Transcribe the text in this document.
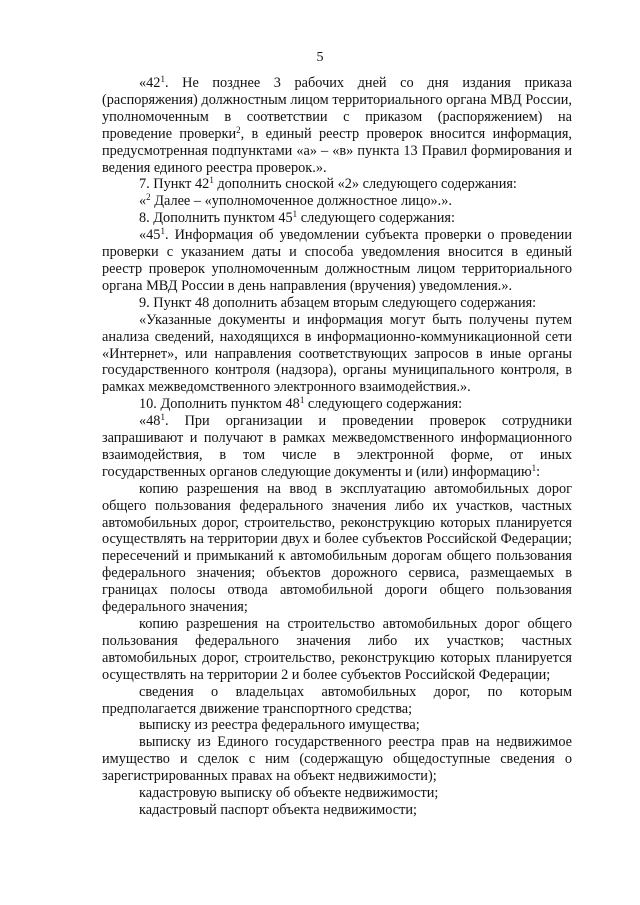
5

«$42^1$. Не позднее 3 рабочих дней со дня издания приказа (распоряжения) должностным лицом территориального органа МВД России, уполномоченным в соответствии с приказом (распоряжением) на проведение проверки$^2$, в единый реестр проверок вносится информация, предусмотренная подпунктами «а» – «в» пункта 13 Правил формирования и ведения единого реестра проверок.».

7. Пункт $42^1$ дополнить сноской «2» следующего содержания:

«$^2$ Далее – «уполномоченное должностное лицо».».

8. Дополнить пунктом $45^1$ следующего содержания:

«$45^1$. Информация об уведомлении субъекта проверки о проведении проверки с указанием даты и способа уведомления вносится в единый реестр проверок уполномоченным должностным лицом территориального органа МВД России в день направления (вручения) уведомления.».

9. Пункт 48 дополнить абзацем вторым следующего содержания:

«Указанные документы и информация могут быть получены путем анализа сведений, находящихся в информационно-коммуникационной сети «Интернет», или направления соответствующих запросов в иные органы государственного контроля (надзора), органы муниципального контроля, в рамках межведомственного электронного взаимодействия.».

10. Дополнить пунктом $48^1$ следующего содержания:

«$48^1$. При организации и проведении проверок сотрудники запрашивают и получают в рамках межведомственного информационного взаимодействия, в том числе в электронной форме, от иных государственных органов следующие документы и (или) информацию$^1$:

копию разрешения на ввод в эксплуатацию автомобильных дорог общего пользования федерального значения либо их участков, частных автомобильных дорог, строительство, реконструкцию которых планируется осуществлять на территории двух и более субъектов Российской Федерации; пересечений и примыканий к автомобильным дорогам общего пользования федерального значения; объектов дорожного сервиса, размещаемых в границах полосы отвода автомобильной дороги общего пользования федерального значения;

копию разрешения на строительство автомобильных дорог общего пользования федерального значения либо их участков; частных автомобильных дорог, строительство, реконструкцию которых планируется осуществлять на территории 2 и более субъектов Российской Федерации;

сведения о владельцах автомобильных дорог, по которым предполагается движение транспортного средства;

выписку из реестра федерального имущества;

выписку из Единого государственного реестра прав на недвижимое имущество и сделок с ним (содержащую общедоступные сведения о зарегистрированных правах на объект недвижимости);

кадастровую выписку об объекте недвижимости;

кадастровый паспорт объекта недвижимости;
